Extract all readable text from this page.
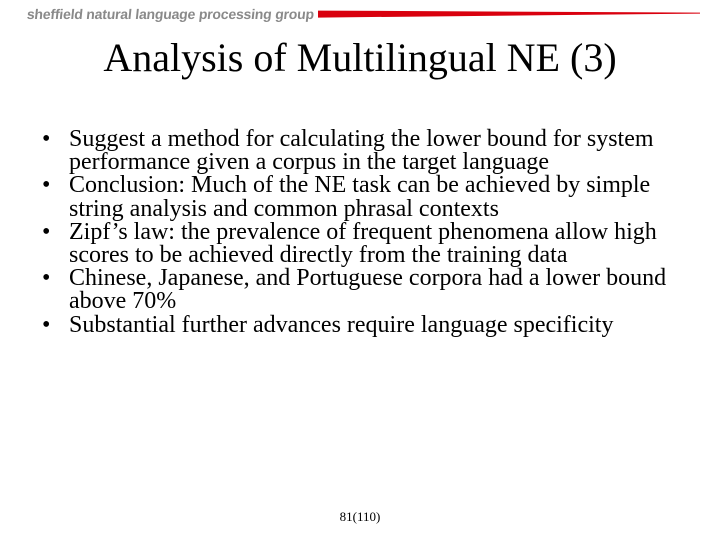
sheffield natural language processing group
Analysis of Multilingual NE (3)
• Suggest a method for calculating the lower bound for system performance given a corpus in the target language
• Conclusion: Much of the NE task can be achieved by simple string analysis and common phrasal contexts
• Zipf’s law: the prevalence of frequent phenomena allow high scores to be achieved directly from the training data
• Chinese, Japanese, and Portuguese corpora had a lower bound above 70%
• Substantial further advances require language specificity
81(110)
